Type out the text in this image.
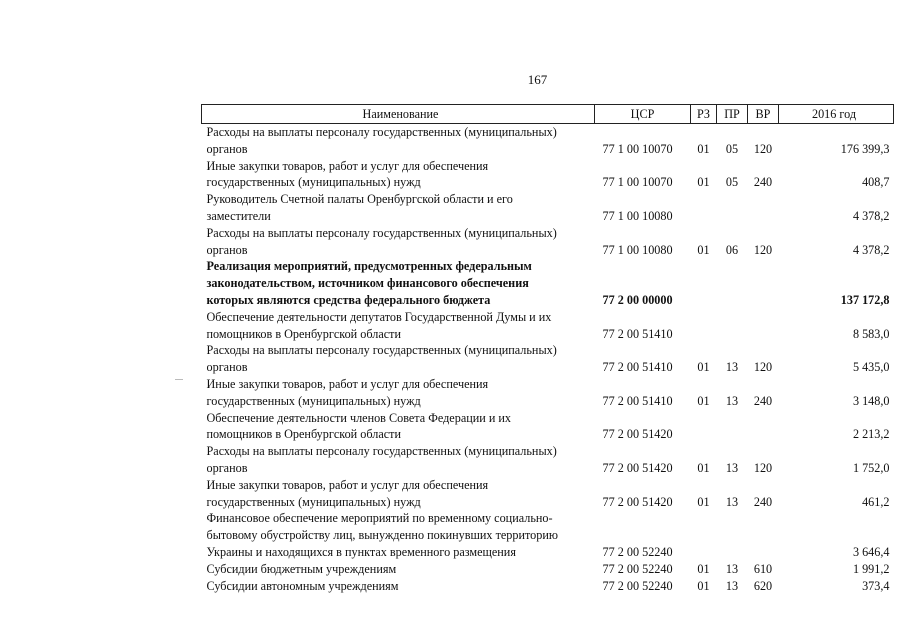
167
Наименование	ЦСР	РЗ	ПР	ВР	2016 год

Расходы на выплаты персоналу государственных (муниципальных)
органов	77 1 00 10070	01	05	120	176 399,3

Иные закупки товаров, работ и услуг для обеспечения
государственных (муниципальных) нужд	77 1 00 10070	01	05	240	408,7

Руководитель Счетной палаты Оренбургской области и его
заместители	77 1 00 10080				4 378,2

Расходы на выплаты персоналу государственных (муниципальных)
органов	77 1 00 10080	01	06	120	4 378,2

Реализация мероприятий, предусмотренных федеральным
законодательством, источником финансового обеспечения
которых являются средства федерального бюджета	77 2 00 00000				137 172,8

Обеспечение деятельности депутатов Государственной Думы и их
помощников в Оренбургской области	77 2 00 51410				8 583,0

Расходы на выплаты персоналу государственных (муниципальных)
органов	77 2 00 51410	01	13	120	5 435,0

Иные закупки товаров, работ и услуг для обеспечения
государственных (муниципальных) нужд	77 2 00 51410	01	13	240	3 148,0

Обеспечение деятельности членов Совета Федерации и их
помощников в Оренбургской области	77 2 00 51420				2 213,2

Расходы на выплаты персоналу государственных (муниципальных)
органов	77 2 00 51420	01	13	120	1 752,0

Иные закупки товаров, работ и услуг для обеспечения
государственных (муниципальных) нужд	77 2 00 51420	01	13	240	461,2

Финансовое обеспечение мероприятий по временному социально-
бытовому обустройству лиц, вынужденно покинувших территорию
Украины и находящихся в пунктах временного размещения	77 2 00 52240				3 646,4

Субсидии бюджетным учреждениям	77 2 00 52240	01	13	610	1 991,2

Субсидии автономным учреждениям	77 2 00 52240	01	13	620	373,4
